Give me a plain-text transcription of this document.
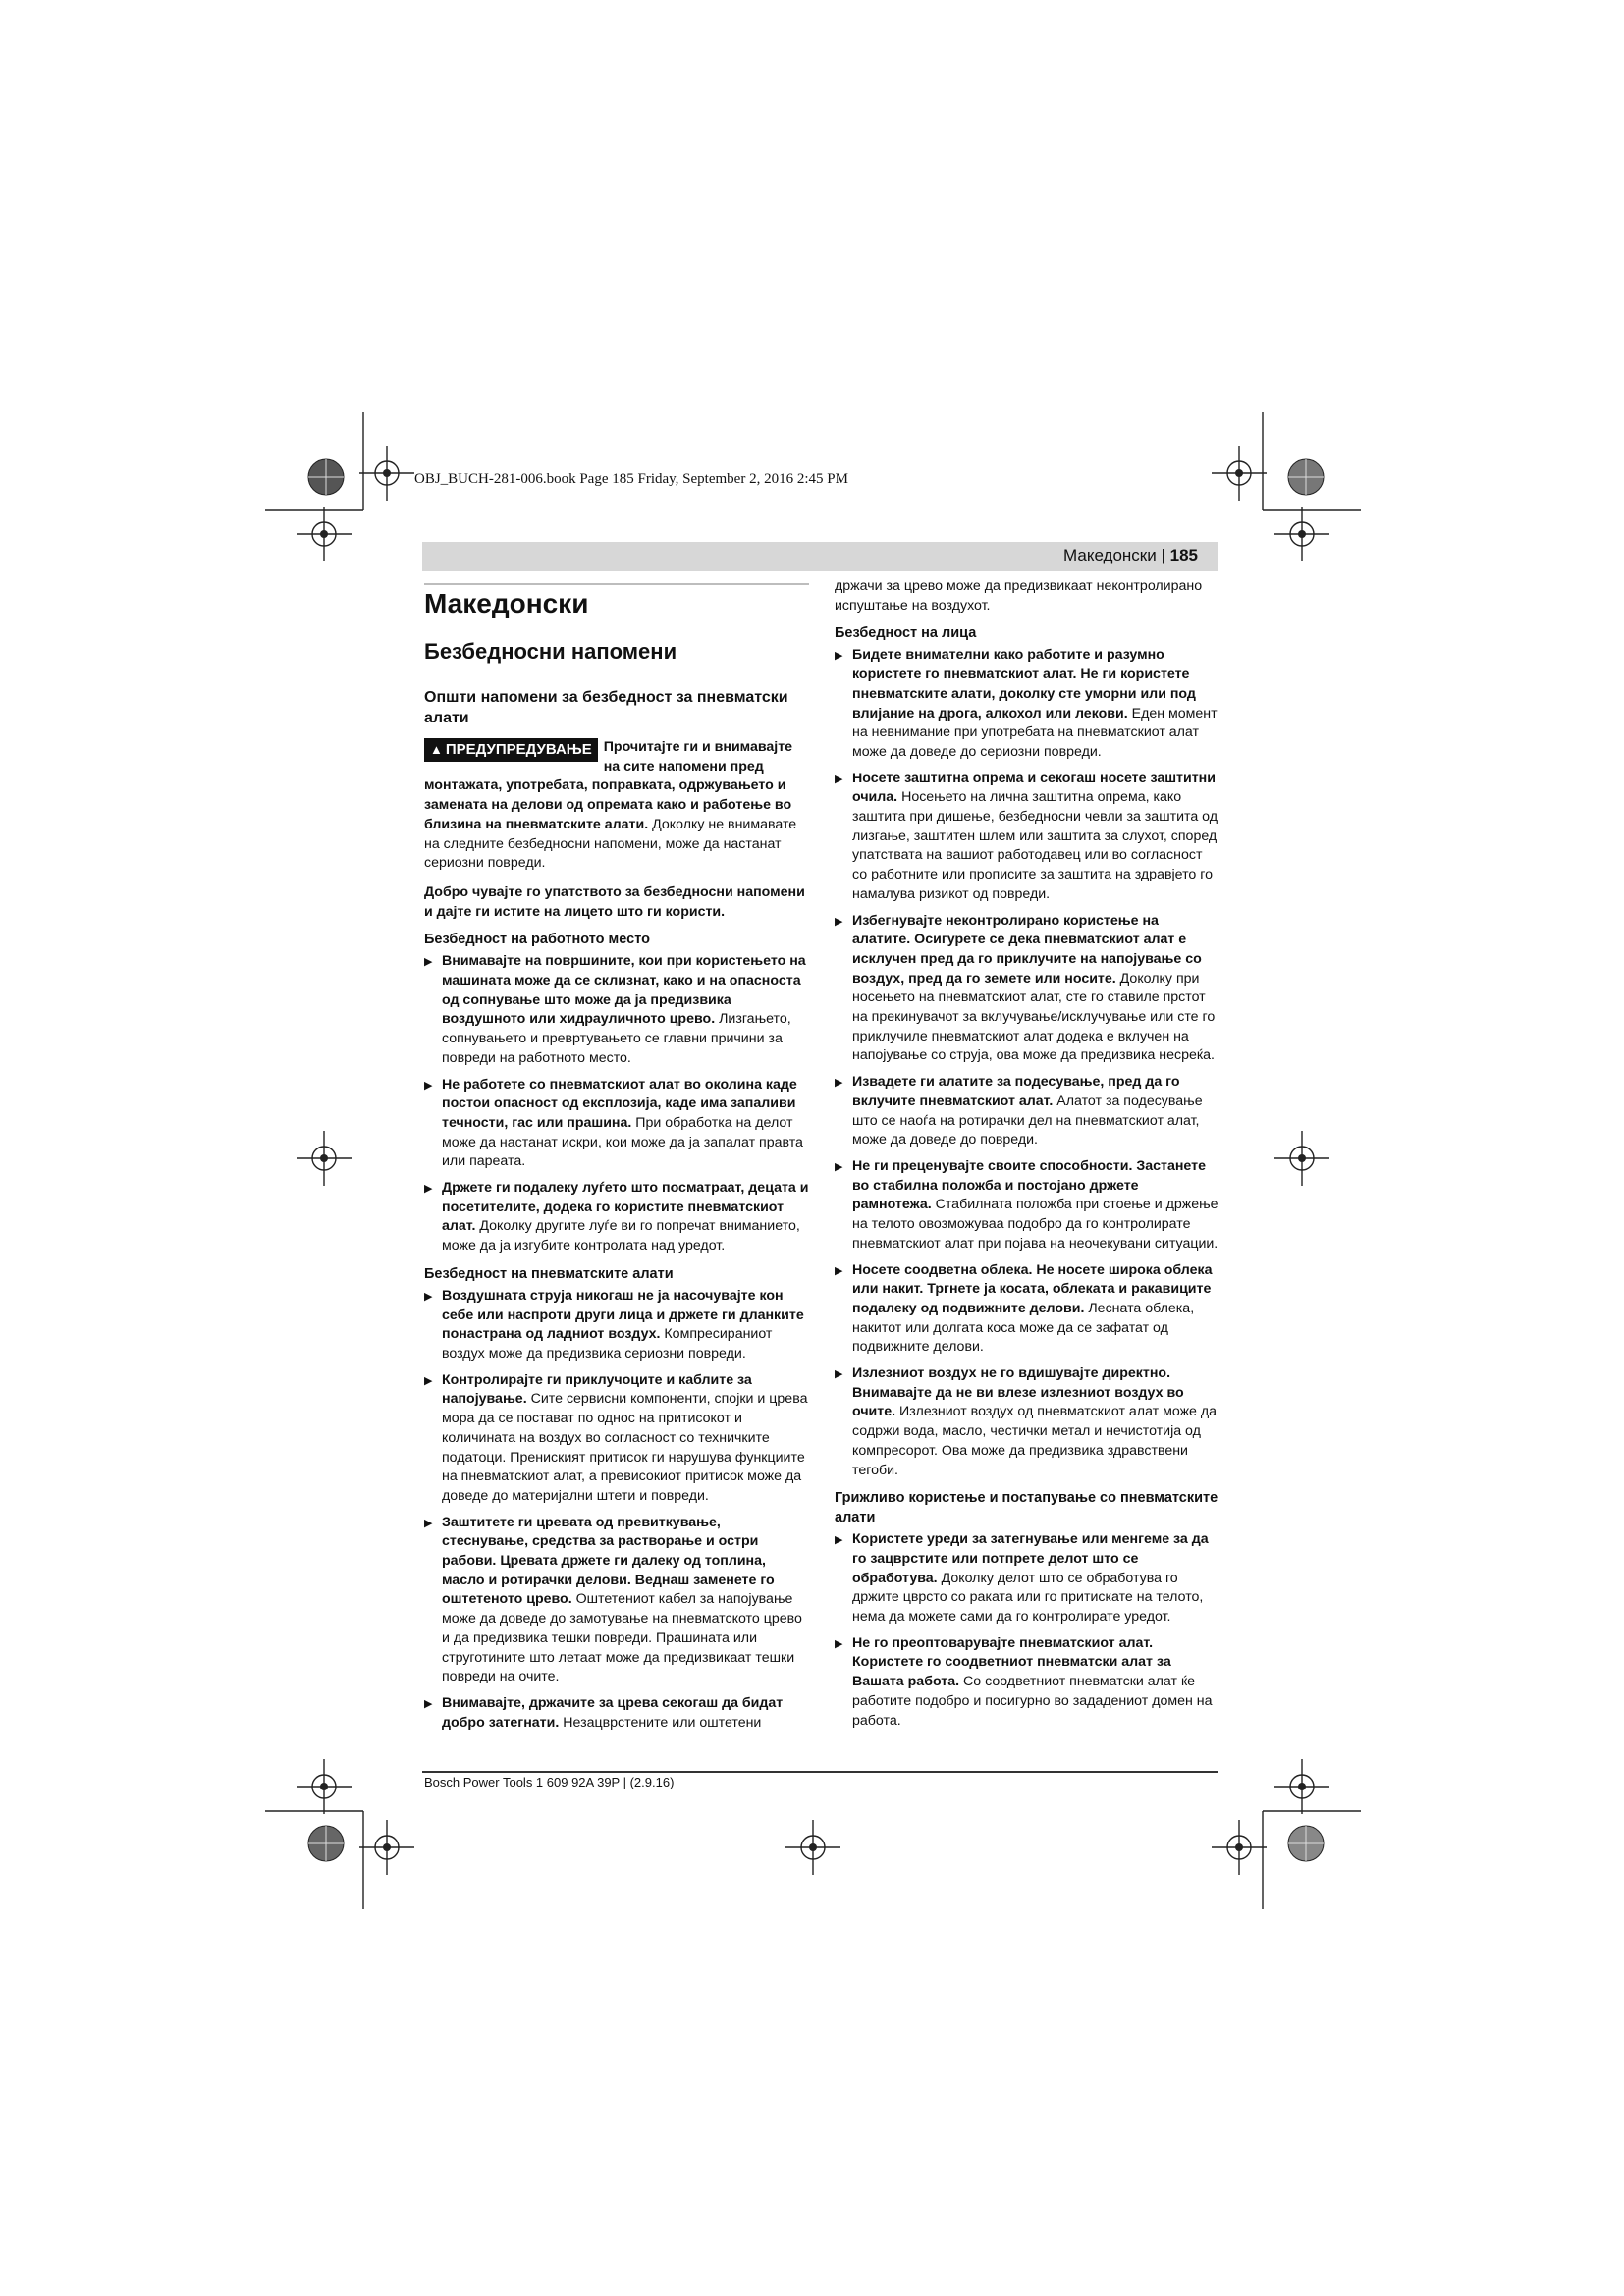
OBJ_BUCH-281-006.book Page 185 Friday, September 2, 2016 2:45 PM
Македонски | 185
Македонски
Безбедносни напомени
Општи напомени за безбедност за пневматски алати
▲ ПРЕДУПРЕДУВАЊЕ Прочитајте ги и внимавајте на сите напомени пред монтажата, употребата, поправката, одржувањето и замената на делови од опремата како и работење во близина на пневматските алати. Доколку не внимавате на следните безбедносни напомени, може да настанат сериозни повреди.

Добро чувајте го упатството за безбедносни напомени и дајте ги истите на лицето што ги користи.

Безбедност на работното место
▶ Внимавајте на површините, кои при користењето на машината може да се склизнат, како и на опасноста од сопнување што може да ја предизвика воздушното или хидрауличното црево. Лизгањето, сопнувањето и превртувањето се главни причини за повреди на работното место.
▶ Не работете со пневматскиот алат во околина каде постои опасност од експлозија, каде има запаливи течности, гас или прашина. При обработка на делот може да настанат искри, кои може да ја запалат правта или пареата.
▶ Држете ги подалеку луѓето што посматраат, децата и посетителите, додека го користите пневматскиот алат. Доколку другите луѓе ви го попречат вниманието, може да ја изгубите контролата над уредот.
Безбедност на пневматските алати
▶ Воздушната струја никогаш не ја насочувајте кон себе или наспроти други лица и држете ги дланките понастрана од ладниот воздух. Компресираниот воздух може да предизвика сериозни повреди.
▶ Контролирајте ги приклучоците и каблите за напојување. Сите сервисни компоненти, спојки и црева мора да се постават по однос на притисокот и количината на воздух во согласност со техничките податоци. Прениският притисок ги нарушува функциите на пневматскиот алат, а превисокиот притисок може да доведе до материјални штети и повреди.
▶ Заштитете ги цревата од превиткување, стеснување, средства за растворање и остри рабови. Цревата држете ги далеку од топлина, масло и ротирачки делови. Веднаш заменете го оштетеното црево. Оштетениот кабел за напојување може да доведе до замотување на пневматското црево и да предизвика тешки повреди. Прашината или струготините што летаат може да предизвикаат тешки повреди на очите.
▶ Внимавајте, држачите за црева секогаш да бидат добро затегнати. Незацврстените или оштетени

држачи за црево може да предизвикаат неконтролирано испуштање на воздухот.

Безбедност на лица
▶ Бидете внимателни како работите и разумно користете го пневматскиот алат. Не ги користете пневматските алати, доколку сте уморни или под влијание на дрога, алкохол или лекови. Еден момент на невнимание при употребата на пневматскиот алат може да доведе до сериозни повреди.
▶ Носете заштитна опрема и секогаш носете заштитни очила. Носењето на лична заштитна опрема, како заштита при дишење, безбедносни чевли за заштита од лизгање, заштитен шлем или заштита за слухот, според упатствата на вашиот работодавец или во согласност со работните или прописите за заштита на здравјето го намалува ризикот од повреди.
▶ Избегнувајте неконтролирано користење на алатите. Осигурете се дека пневматскиот алат е исклучен пред да го приклучите на напојување со воздух, пред да го земете или носите. Доколку при носењето на пневматскиот алат, сте го ставиле прстот на прекинувачот за вклучување/исклучување или сте го приклучиле пневматскиот алат додека е вклучен на напојување со струја, ова може да предизвика несреќа.
▶ Извадете ги алатите за подесување, пред да го вклучите пневматскиот алат. Алатот за подесување што се наоѓа на ротирачки дел на пневматскиот алат, може да доведе до повреди.
▶ Не ги преценувајте своите способности. Застанете во стабилна положба и постојано држете рамнотежа. Стабилната положба при стоење и држење на телото овозможуваа подобро да го контролирате пневматскиот алат при појава на неочекувани ситуации.
▶ Носете соодветна облека. Не носете широка облека или накит. Тргнете ја косата, облеката и ракавиците подалеку од подвижните делови. Лесната облека, накитот или долгата коса може да се зафатат од подвижните делови.
▶ Излезниот воздух не го вдишувајте директно. Внимавајте да не ви влезе излезниот воздух во очите. Излезниот воздух од пневматскиот алат може да содржи вода, масло, честички метал и нечистотија од компресорот. Ова може да предизвика здравствени тегоби.
Грижливо користење и постапување со пневматските алати
▶ Користете уреди за затегнување или менгеме за да го зацврстите или потпрете делот што се обработува. Доколку делот што се обработува го држите цврсто со раката или го притискате на телото, нема да можете сами да го контролирате уредот.
▶ Не го преоптоварувајте пневматскиот алат. Користете го соодветниот пневматски алат за Вашата работа. Со соодветниот пневматски алат ќе работите подобро и посигурно во зададениот домен на работа.
Bosch Power Tools 1 609 92A 39P | (2.9.16)
